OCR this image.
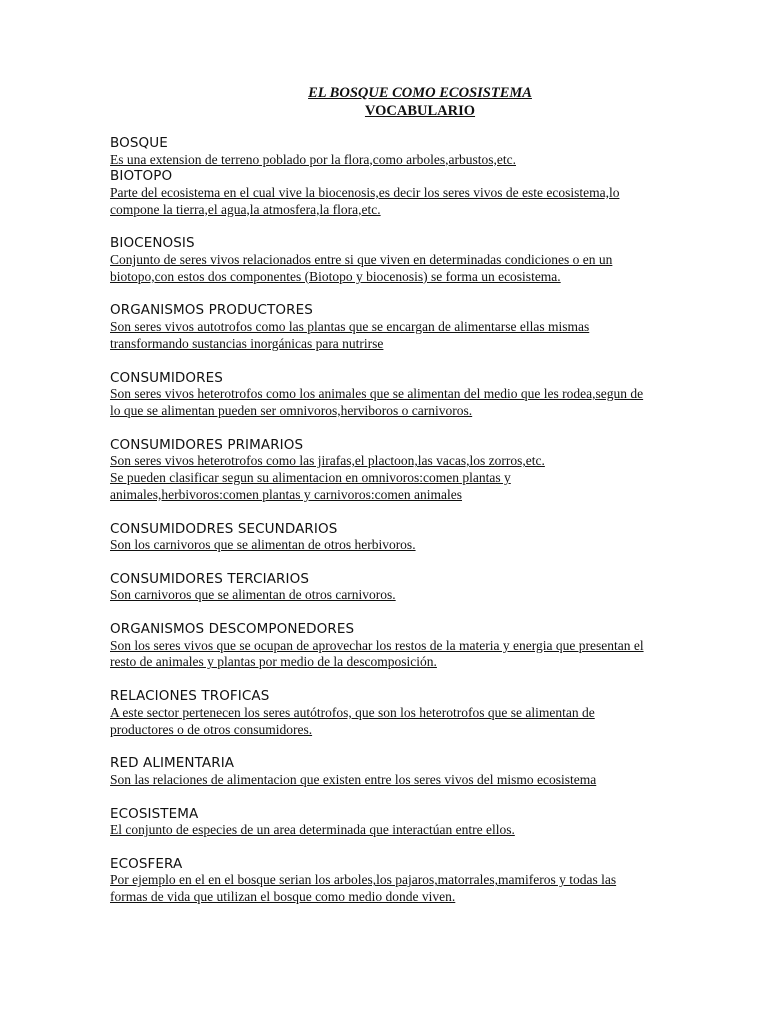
EL BOSQUE COMO ECOSISTEMA
VOCABULARIO
BOSQUE
Es una extension de terreno poblado por la flora,como arboles,arbustos,etc.
BIOTOPO
Parte del ecosistema en el cual vive la biocenosis,es decir los seres vivos de este ecosistema,lo
compone la tierra,el agua,la atmosfera,la flora,etc.
BIOCENOSIS
Conjunto de seres vivos relacionados entre si que viven en determinadas condiciones o en un
biotopo,con estos dos componentes (Biotopo y biocenosis) se forma un ecosistema.
ORGANISMOS PRODUCTORES
Son seres vivos autotrofos como las plantas que se encargan de alimentarse ellas mismas
transformando sustancias inorgánicas para nutrirse
CONSUMIDORES
Son seres vivos heterotrofos como los animales que se alimentan del medio que les rodea,segun de
lo que se alimentan pueden ser omnivoros,herviboros o carnivoros.
CONSUMIDORES PRIMARIOS
Son seres vivos heterotrofos como las jirafas,el plactoon,las vacas,los zorros,etc.
Se pueden clasificar segun su alimentacion en omnivoros:comen plantas y
animales,herbivoros:comen plantas y carnivoros:comen animales
CONSUMIDODRES SECUNDARIOS
Son los carnivoros que se alimentan de otros herbivoros.
CONSUMIDORES TERCIARIOS
Son carnivoros que se alimentan de otros carnivoros.
ORGANISMOS DESCOMPONEDORES
Son los seres vivos que se ocupan de aprovechar los restos de la materia y energia que presentan el
resto de animales y plantas por medio de la descomposición.
RELACIONES TROFICAS
A este sector pertenecen los seres autótrofos, que son los heterotrofos que se alimentan de
productores o de otros consumidores.
RED ALIMENTARIA
Son las relaciones de alimentacion que existen entre los seres vivos del mismo ecosistema
ECOSISTEMA
El conjunto de especies de un area determinada que interactúan entre ellos.
ECOSFERA
Por ejemplo en el en el bosque serian los arboles,los pajaros,matorrales,mamiferos y todas las
formas de vida que utilizan el bosque como medio donde viven.
